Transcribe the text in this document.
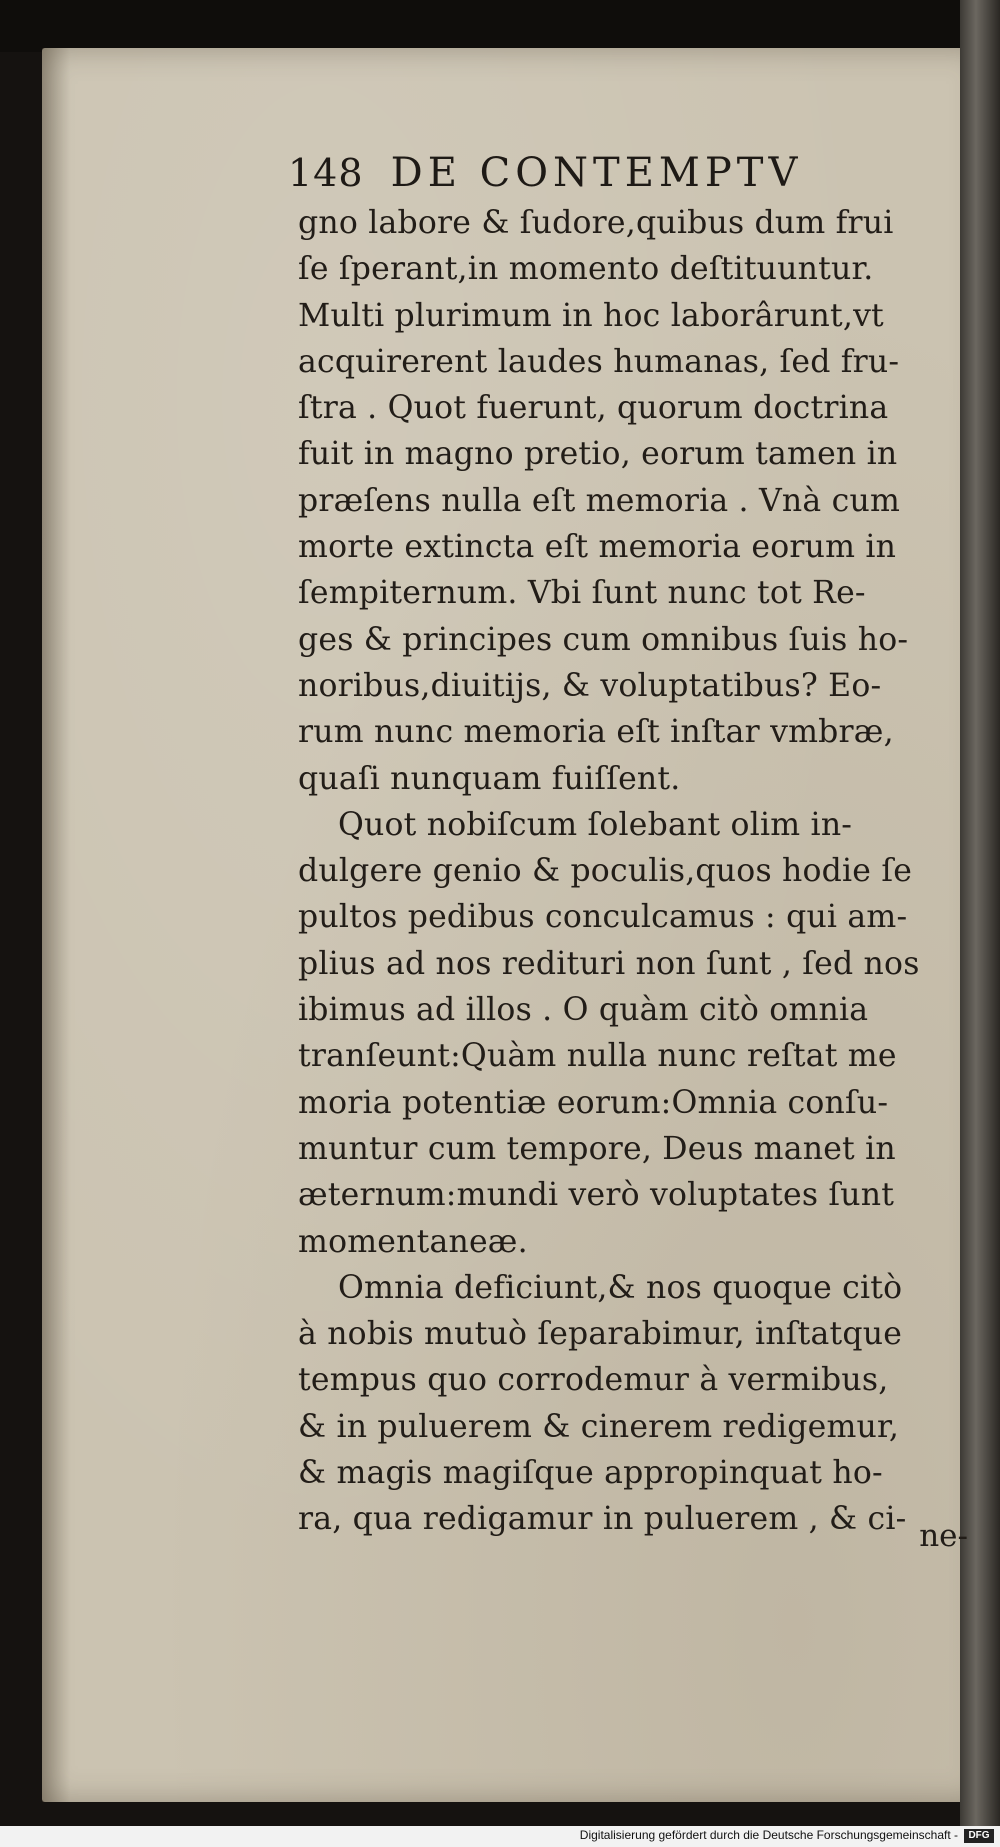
148 DE CONTEMPTV
gno labore & ſudore,quibus dum frui
ſe ſperant,in momento deſtituuntur.
Multi plurimum in hoc laborârunt,vt
acquirerent laudes humanas, ſed fru-
ſtra . Quot fuerunt, quorum doctrina
fuit in magno pretio, eorum tamen in
præſens nulla eſt memoria . Vnà cum
morte extincta eſt memoria eorum in
ſempiternum. Vbi ſunt nunc tot Re-
ges & principes cum omnibus ſuis ho-
noribus,diuitijs, & voluptatibus? Eo-
rum nunc memoria eſt inſtar vmbræ,
quaſi nunquam fuiſſent.
Quot nobiſcum ſolebant olim in-
dulgere genio & poculis,quos hodie ſe
pultos pedibus conculcamus : qui am-
plius ad nos redituri non ſunt , ſed nos
ibimus ad illos . O quàm citò omnia
tranſeunt:Quàm nulla nunc reſtat me
moria potentiæ eorum:Omnia conſu-
muntur cum tempore, Deus manet in
æternum:mundi verò voluptates ſunt
momentaneæ.
Omnia deficiunt,& nos quoque citò
à nobis mutuò ſeparabimur, inſtatque
tempus quo corrodemur à vermibus,
& in puluerem & cinerem redigemur,
& magis magiſque appropinquat ho-
ra, qua redigamur in puluerem , & ci- ne-
Digitalisierung gefördert durch die Deutsche Forschungsgemeinschaft -	DFG
